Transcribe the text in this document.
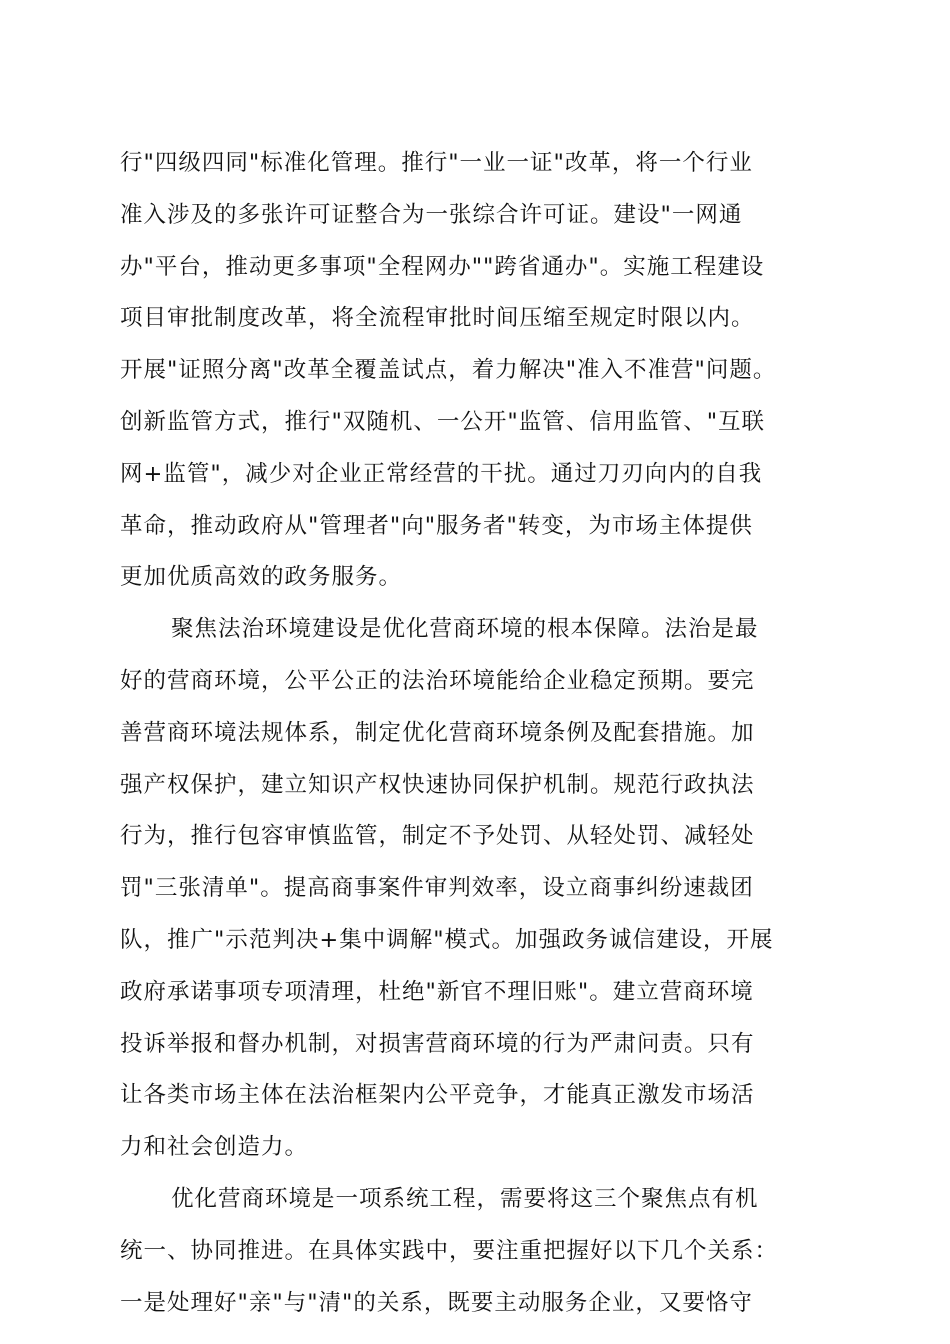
行"四级四同"标准化管理。推行"一业一证"改革，将一个行业
准入涉及的多张许可证整合为一张综合许可证。建设"一网通
办"平台，推动更多事项"全程网办""跨省通办"。实施工程建设
项目审批制度改革，将全流程审批时间压缩至规定时限以内。
开展"证照分离"改革全覆盖试点，着力解决"准入不准营"问题。
创新监管方式，推行"双随机、一公开"监管、信用监管、"互联
网+监管"，减少对企业正常经营的干扰。通过刀刃向内的自我
革命，推动政府从"管理者"向"服务者"转变，为市场主体提供
更加优质高效的政务服务。
聚焦法治环境建设是优化营商环境的根本保障。法治是最
好的营商环境，公平公正的法治环境能给企业稳定预期。要完
善营商环境法规体系，制定优化营商环境条例及配套措施。加
强产权保护，建立知识产权快速协同保护机制。规范行政执法
行为，推行包容审慎监管，制定不予处罚、从轻处罚、减轻处
罚"三张清单"。提高商事案件审判效率，设立商事纠纷速裁团
队，推广"示范判决+集中调解"模式。加强政务诚信建设，开展
政府承诺事项专项清理，杜绝"新官不理旧账"。建立营商环境
投诉举报和督办机制，对损害营商环境的行为严肃问责。只有
让各类市场主体在法治框架内公平竞争，才能真正激发市场活
力和社会创造力。
优化营商环境是一项系统工程，需要将这三个聚焦点有机
统一、协同推进。在具体实践中，要注重把握好以下几个关系：
一是处理好"亲"与"清"的关系，既要主动服务企业，又要恪守
